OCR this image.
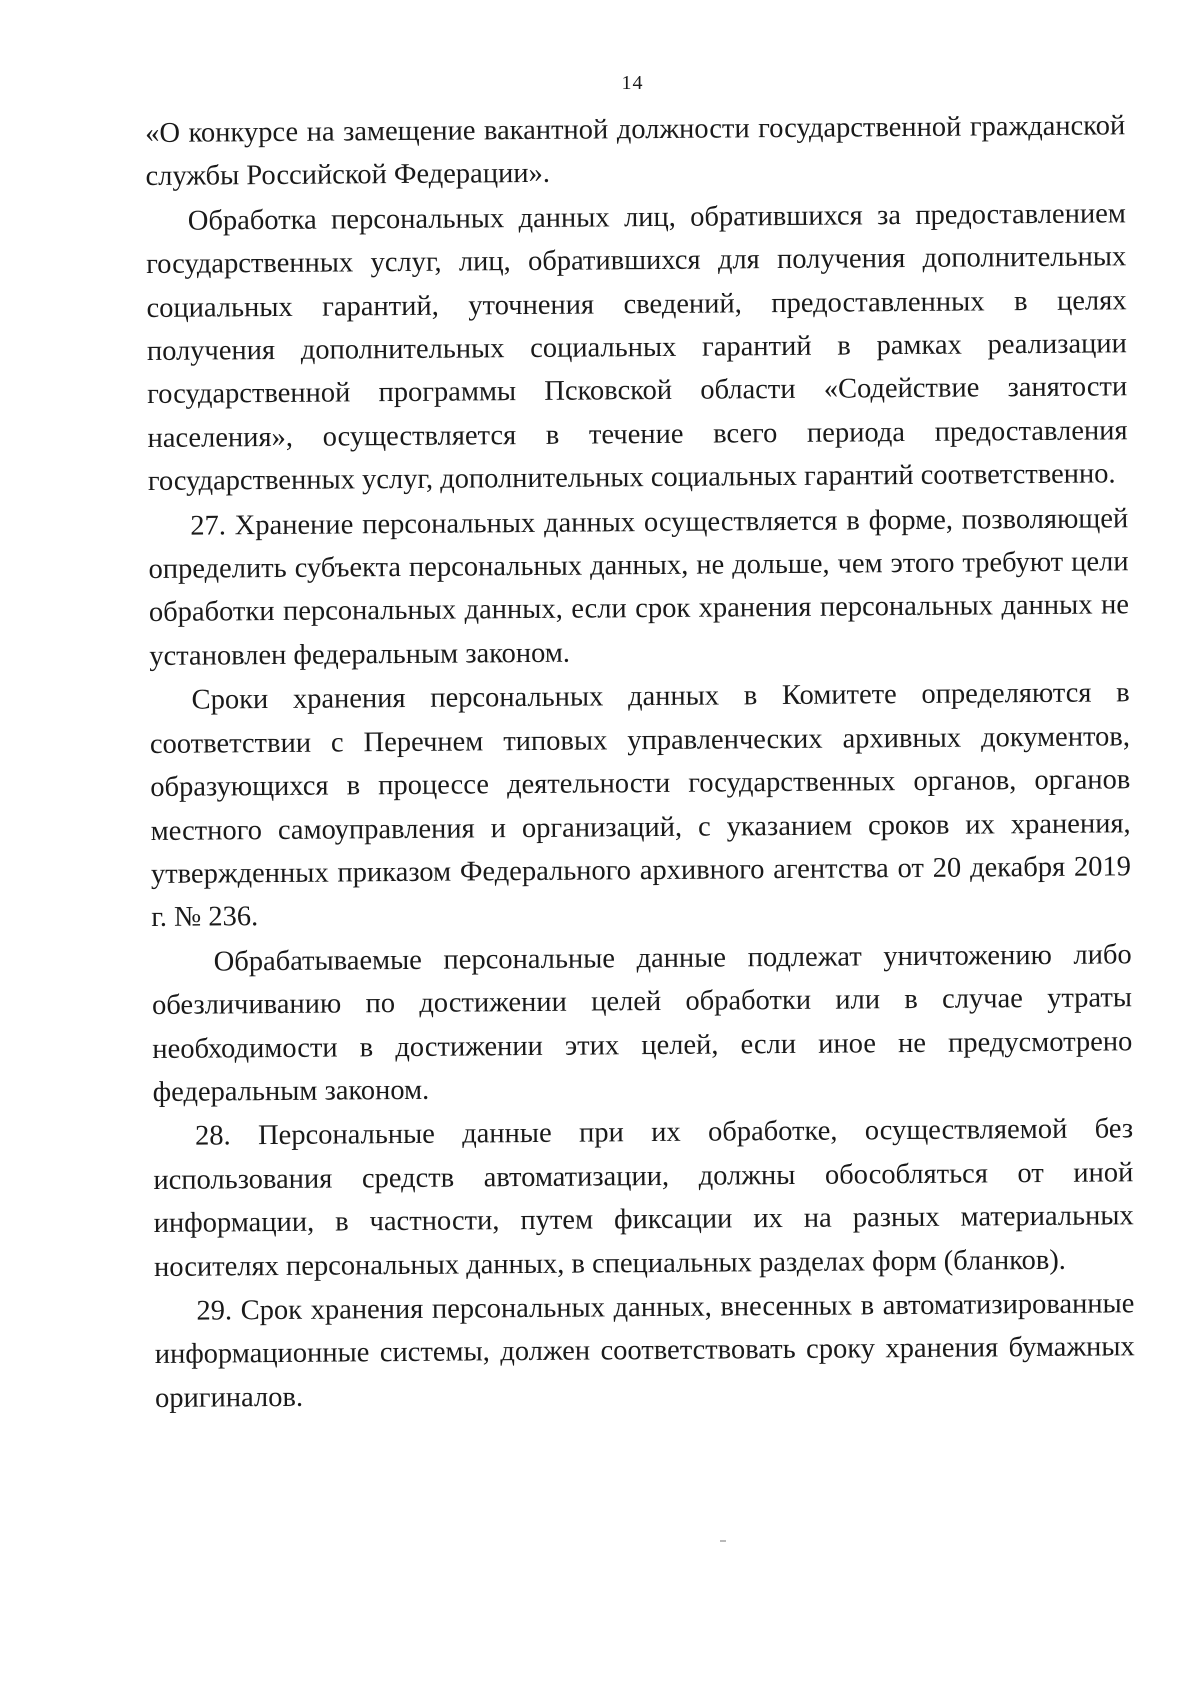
14

«О конкурсе на замещение вакантной должности государственной гражданской службы Российской Федерации».

Обработка персональных данных лиц, обратившихся за предоставлением государственных услуг, лиц, обратившихся для получения дополнительных социальных гарантий, уточнения сведений, предоставленных в целях получения дополнительных социальных гарантий в рамках реализации государственной программы Псковской области «Содействие занятости населения», осуществляется в течение всего периода предоставления государственных услуг, дополнительных социальных гарантий соответственно.

27. Хранение персональных данных осуществляется в форме, позволяющей определить субъекта персональных данных, не дольше, чем этого требуют цели обработки персональных данных, если срок хранения персональных данных не установлен федеральным законом.

Сроки хранения персональных данных в Комитете определяются в соответствии с Перечнем типовых управленческих архивных документов, образующихся в процессе деятельности государственных органов, органов местного самоуправления и организаций, с указанием сроков их хранения, утвержденных приказом Федерального архивного агентства от 20 декабря 2019 г. № 236.

Обрабатываемые персональные данные подлежат уничтожению либо обезличиванию по достижении целей обработки или в случае утраты необходимости в достижении этих целей, если иное не предусмотрено федеральным законом.

28. Персональные данные при их обработке, осуществляемой без использования средств автоматизации, должны обособляться от иной информации, в частности, путем фиксации их на разных материальных носителях персональных данных, в специальных разделах форм (бланков).

29. Срок хранения персональных данных, внесенных в автоматизированные информационные системы, должен соответствовать сроку хранения бумажных оригиналов.
